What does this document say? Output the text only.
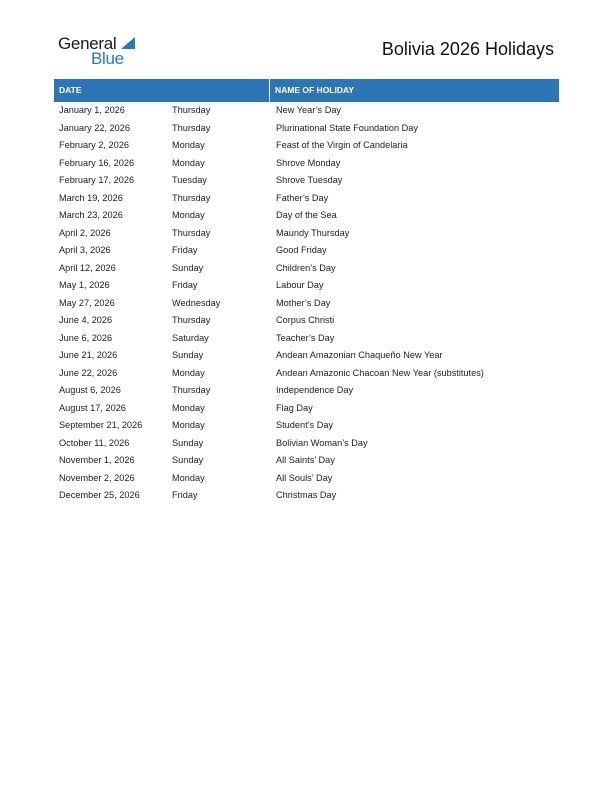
General
Blue	Bolivia 2026 Holidays
DATE	NAME OF HOLIDAY
January 1, 2026	Thursday	New Year’s Day
January 22, 2026	Thursday	Plurinational State Foundation Day
February 2, 2026	Monday	Feast of the Virgin of Candelaria
February 16, 2026	Monday	Shrove Monday
February 17, 2026	Tuesday	Shrove Tuesday
March 19, 2026	Thursday	Father’s Day
March 23, 2026	Monday	Day of the Sea
April 2, 2026	Thursday	Maundy Thursday
April 3, 2026	Friday	Good Friday
April 12, 2026	Sunday	Children’s Day
May 1, 2026	Friday	Labour Day
May 27, 2026	Wednesday	Mother’s Day
June 4, 2026	Thursday	Corpus Christi
June 6, 2026	Saturday	Teacher’s Day
June 21, 2026	Sunday	Andean Amazonian Chaqueño New Year
June 22, 2026	Monday	Andean Amazonic Chacoan New Year (substitutes)
August 6, 2026	Thursday	Independence Day
August 17, 2026	Monday	Flag Day
September 21, 2026	Monday	Student’s Day
October 11, 2026	Sunday	Bolivian Woman’s Day
November 1, 2026	Sunday	All Saints’ Day
November 2, 2026	Monday	All Souls’ Day
December 25, 2026	Friday	Christmas Day
